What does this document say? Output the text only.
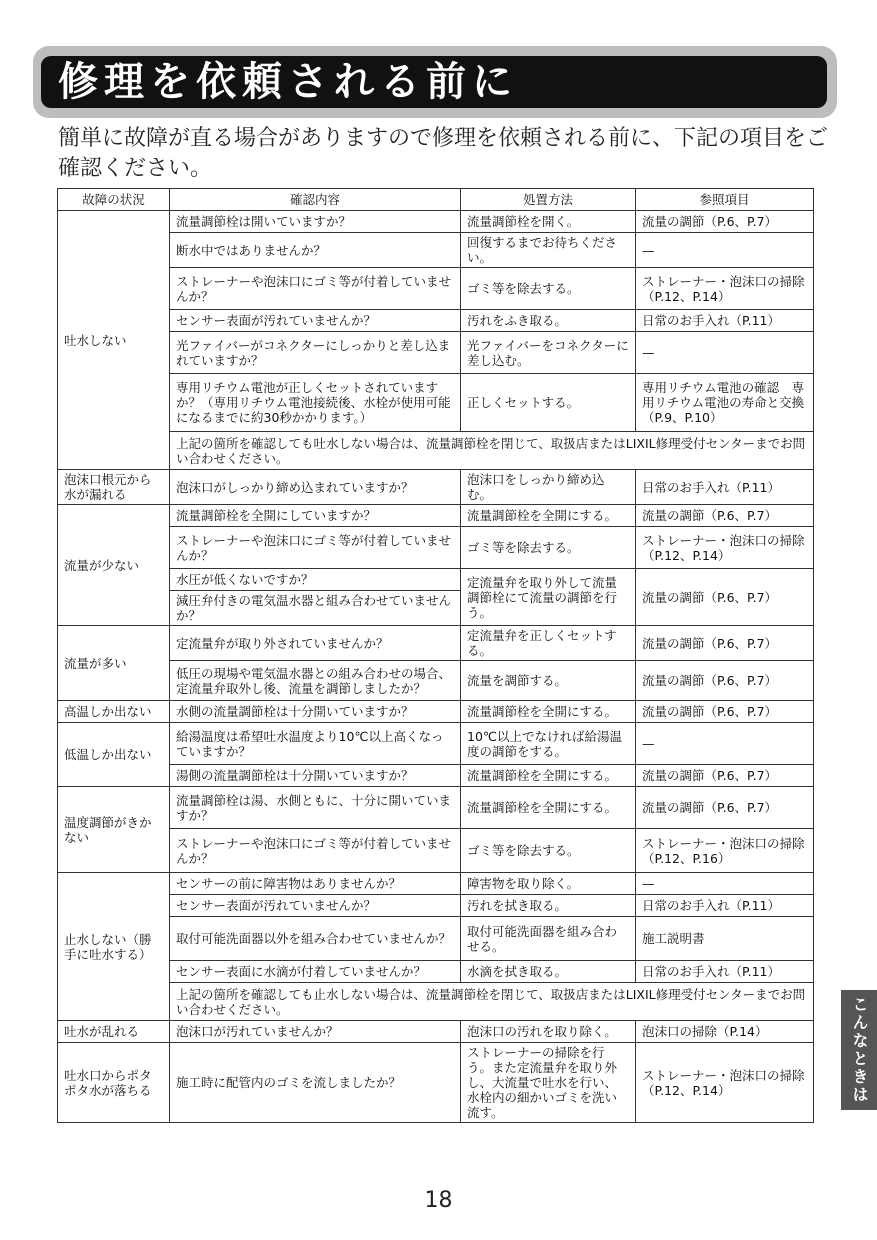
修理を依頼される前に
簡単に故障が直る場合がありますので修理を依頼される前に、下記の項目をご確認ください。
故障の状況	確認内容	処置方法	参照項目
吐水しない	流量調節栓は開いていますか？	流量調節栓を開く。	流量の調節（P.6、P.7）
	断水中ではありませんか？	回復するまでお待ちください。	—
	ストレーナーや泡沫口にゴミ等が付着していませんか？	ゴミ等を除去する。	ストレーナー・泡沫口の掃除（P.12、P.14）
	センサー表面が汚れていませんか？	汚れをふき取る。	日常のお手入れ（P.11）
	光ファイバーがコネクターにしっかりと差し込まれていますか？	光ファイバーをコネクターに差し込む。	—
	専用リチウム電池が正しくセットされていますか？（専用リチウム電池接続後、水栓が使用可能になるまでに約30秒かかります。）	正しくセットする。	専用リチウム電池の確認　専用リチウム電池の寿命と交換（P.9、P.10）
	上記の箇所を確認しても吐水しない場合は、流量調節栓を閉じて、取扱店またはLIXIL修理受付センターまでお問い合わせください。		
泡沫口根元から水が漏れる	泡沫口がしっかり締め込まれていますか？	泡沫口をしっかり締め込む。	日常のお手入れ（P.11）
流量が少ない	流量調節栓を全開にしていますか？	流量調節栓を全開にする。	流量の調節（P.6、P.7）
	ストレーナーや泡沫口にゴミ等が付着していませんか？	ゴミ等を除去する。	ストレーナー・泡沫口の掃除（P.12、P.14）
	水圧が低くないですか？	定流量弁を取り外して流量調節栓にて流量の調節を行う。	流量の調節（P.6、P.7）
	減圧弁付きの電気温水器と組み合わせていませんか？		
流量が多い	定流量弁が取り外されていませんか？	定流量弁を正しくセットする。	流量の調節（P.6、P.7）
	低圧の現場や電気温水器との組み合わせの場合、定流量弁取外し後、流量を調節しましたか？	流量を調節する。	流量の調節（P.6、P.7）
高温しか出ない	水側の流量調節栓は十分開いていますか？	流量調節栓を全開にする。	流量の調節（P.6、P.7）
低温しか出ない	給湯温度は希望吐水温度より10℃以上高くなっていますか？	10℃以上でなければ給湯温度の調節をする。	—
	湯側の流量調節栓は十分開いていますか？	流量調節栓を全開にする。	流量の調節（P.6、P.7）
温度調節がきかない	流量調節栓は湯、水側ともに、十分に開いていますか？	流量調節栓を全開にする。	流量の調節（P.6、P.7）
	ストレーナーや泡沫口にゴミ等が付着していませんか？	ゴミ等を除去する。	ストレーナー・泡沫口の掃除（P.12、P.16）
止水しない（勝手に吐水する）	センサーの前に障害物はありませんか？	障害物を取り除く。	—
	センサー表面が汚れていませんか？	汚れを拭き取る。	日常のお手入れ（P.11）
	取付可能洗面器以外を組み合わせていませんか？	取付可能洗面器を組み合わせる。	施工説明書
	センサー表面に水滴が付着していませんか？	水滴を拭き取る。	日常のお手入れ（P.11）
	上記の箇所を確認しても止水しない場合は、流量調節栓を閉じて、取扱店またはLIXIL修理受付センターまでお問い合わせください。		
吐水が乱れる	泡沫口が汚れていませんか？	泡沫口の汚れを取り除く。	泡沫口の掃除（P.14）
吐水口からポタポタ水が落ちる	施工時に配管内のゴミを流しましたか？	ストレーナーの掃除を行う。また定流量弁を取り外し、大流量で吐水を行い、水栓内の細かいゴミを洗い流す。	ストレーナー・泡沫口の掃除（P.12、P.14）	こんなときは
18
